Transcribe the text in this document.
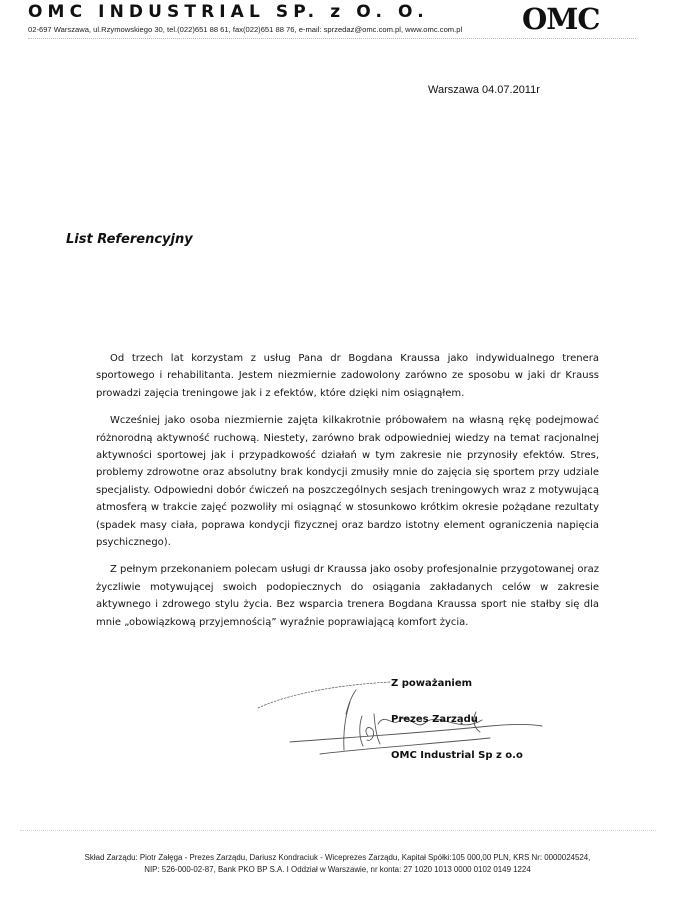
OMC INDUSTRIAL SP. z O. O.
02-697 Warszawa, ul.Rzymowskiego 30, tel.(022)651 88 61, fax(022)651 88 76, e-mail: sprzedaz@omc.com.pl, www.omc.com.pl OMC
Warszawa 04.07.2011r
List Referencyjny

Od trzech lat korzystam z usług Pana dr Bogdana Kraussa jako indywidualnego trenera sportowego i rehabilitanta. Jestem niezmiernie zadowolony zarówno ze sposobu w jaki dr Krauss prowadzi zajęcia treningowe jak i z efektów, które dzięki nim osiągnąłem.

Wcześniej jako osoba niezmiernie zajęta kilkakrotnie próbowałem na własną rękę podejmować różnorodną aktywność ruchową. Niestety, zarówno brak odpowiedniej wiedzy na temat racjonalnej aktywności sportowej jak i przypadkowość działań w tym zakresie nie przynosiły efektów. Stres, problemy zdrowotne oraz absolutny brak kondycji zmusiły mnie do zajęcia się sportem przy udziale specjalisty. Odpowiedni dobór ćwiczeń na poszczególnych sesjach treningowych wraz z motywującą atmosferą w trakcie zajęć pozwoliły mi osiągnąć w stosunkowo krótkim okresie pożądane rezultaty (spadek masy ciała, poprawa kondycji fizycznej oraz bardzo istotny element ograniczenia napięcia psychicznego).

Z pełnym przekonaniem polecam usługi dr Kraussa jako osoby profesjonalnie przygotowanej oraz życzliwie motywującej swoich podopiecznych do osiągania zakładanych celów w zakresie aktywnego i zdrowego stylu życia. Bez wsparcia trenera Bogdana Kraussa sport nie stałby się dla mnie „obowiązkową przyjemnością” wyraźnie poprawiającą komfort życia.

Z poważaniem
Prezes Zarządu
OMC Industrial Sp z o.o
Skład Zarządu: Piotr Załęga - Prezes Zarządu, Dariusz Kondraciuk - Wiceprezes Zarządu, Kapitał Spółki:105 000,00 PLN, KRS Nr: 0000024524,
NIP: 526-000-02-87, Bank PKO BP S.A. I Oddział w Warszawie, nr konta: 27 1020 1013 0000 0102 0149 1224
